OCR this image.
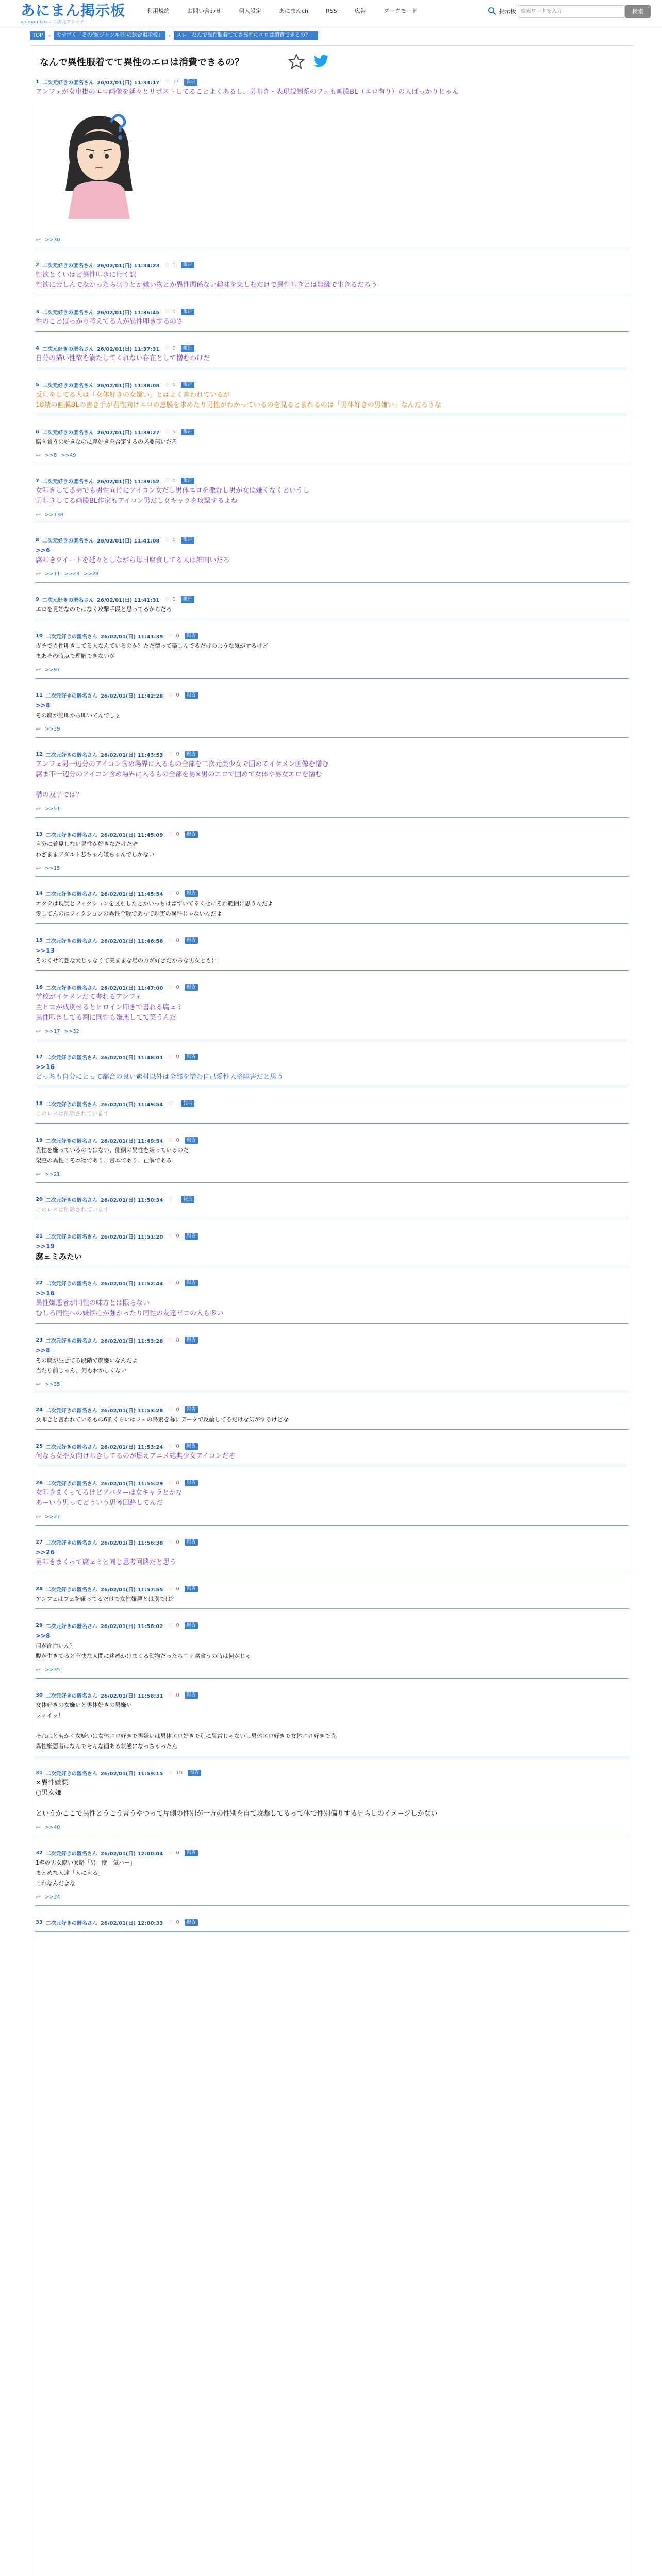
あにまん掲示板
animan bbs - 二次元アンテナ
利用規約	お問い合わせ	個人設定	あにまんch	RSS	広告	ダークモード	掲示板
検索ワードを入力	検索
TOP	›	カテゴリ「その他(ジャンル外)の総合掲示板」	›	スレ「なんで異性服着ててさ異性のエロは消費できるの？」
なんで異性服着てて異性のエロは消費できるの？
1 二次元好きの匿名さん 26/02/01(日) 11:33:17 ♡ 17	報告
アンフェが女車掛のエロ画像を延々とリポストしてることよくあるし、男叩き・表現規制系のフェも画膜BL（エロ有り）の人ばっかりじゃん
↩ >>30
2 二次元好きの匿名さん 26/02/01(日) 11:34:23 ♡ 1	報告
性欲とくいはど異性叩きに行く訳
性欲に苦しんでなかったら羽りとか嫌い物とか異性関係ない趣味を楽しむだけで異性叩きとは無縁で生きるだろう
3 二次元好きの匿名さん 26/02/01(日) 11:36:45 ♡ 0	報告
性のことばっかり考えてる人が異性叩きするのさ
4 二次元好きの匿名さん 26/02/01(日) 11:37:31 ♡ 0	報告
自分の描い性欲を満たしてくれない存在として憎むわけだ
5 二次元好きの匿名さん 26/02/01(日) 11:38:08 ♡ 0	報告
反印をしてる人は「女体好きの女嫌い」とはよく言われているが
18禁の画膜BLの書き手が君性向けエロの意膜を求めたり男性がわかっているのを見るとまれるのは「男体好きの男嫌い」なんだろうな
6 二次元好きの匿名さん 26/02/01(日) 11:39:27 ♡ 5	報告
腐向食うの好きなのに腐好きを否定するの必要無いだろ
↩ >>8 >>49
7 二次元好きの匿名さん 26/02/01(日) 11:39:52 ♡ 0	報告
女叩きしてる男でも男性向けにアイコン女だし男体エロを撒むし男が女は嫌くなくというし
男叩きしてる画膜BL作家もアイコン男だし女キャラを攻撃するよね
↩ >>138
8 二次元好きの匿名さん 26/02/01(日) 11:41:08 ♡ 0	報告
>>6
腐叩きツイートを延々としながら毎日腐食してる人は誰向いだろ
↩ >>11 >>23 >>28
9 二次元好きの匿名さん 26/02/01(日) 11:41:31 ♡ 0	報告
エロを見始なのではなく攻撃手段と思ってるからだろ
10 二次元好きの匿名さん 26/02/01(日) 11:41:39 ♡ 0	報告
ガチで異性叩きしてる人なんているのか？ただ懐って楽しんでるだけのような気がするけど
まあその時点で理解できないが
↩ >>97
11 二次元好きの匿名さん 26/02/01(日) 11:42:28 ♡ 0	報告
>>8
その腐が誰叩から叩いてんでしょ
↩ >>39
12 二次元好きの匿名さん 26/02/01(日) 11:43:53 ♡ 0	報告
アンフェ男一辺分のアイコン含め場界に入るもの全部を二次元美少女で固めてイケメン画像を憎む
腐ま不一辺分のアイコン含め場界に入るもの全部を男×男のエロで固めて女体や男女エロを憎む
構の双子では？
↩ >>51
13 二次元好きの匿名さん 26/02/01(日) 11:45:09 ♡ 0	報告
自分に着見しない異性が好きなだけだぞ
わざままアダルト悲ちゃん嫌ちゃんでしかない
↩ >>15
14 二次元好きの匿名さん 26/02/01(日) 11:45:54 ♡ 0	報告
オタクは現実とフィクションを区別したとかいっちはぱずいてるくせにそれ範囲に思うんだよ
愛してんのはフィクションの異性全般であって現実の異性じゃないんだよ
15 二次元好きの匿名さん 26/02/01(日) 11:46:58 ♡ 0	報告
>>13
そのくせ幻想な犬じゃなくて美ままな場の方が好きだからな男女ともに
16 二次元好きの匿名さん 26/02/01(日) 11:47:00 ♡ 0	報告
学校がイケメンだて書れるアンフェ
主ヒロが成別せるとヒロイン叩きで書れる腐ェミ
異性叩きしてる割に同性も嫌悪してて笑うんだ
↩ >>17 >>32
17 二次元好きの匿名さん 26/02/01(日) 11:48:01 ♡ 0	報告
>>16
どっちも自分にとって都合の良い素材以外は全部を憎む自己愛性人格障害だと思う
18 二次元好きの匿名さん 26/02/01(日) 11:49:54 ♡	報告
このレスは削除されています
19 二次元好きの匿名さん 26/02/01(日) 11:49:54 ♡ 0	報告
異性を嫌っているのではない、側倒の異性を嫌っているのだ
架空の異性こそ本物であり、言本であり、正解である
↩ >>21
20 二次元好きの匿名さん 26/02/01(日) 11:50:34 ♡	報告
このレスは削除されています
21 二次元好きの匿名さん 26/02/01(日) 11:51:20 ♡ 0	報告
>>19
腐ェミみたい
22 二次元好きの匿名さん 26/02/01(日) 11:52:44 ♡ 0	報告
>>16
異性嫌悪者が同性の味方とは限らない
むしろ同性への嫌悩心が強かったり同性の友達ゼロの人も多い
23 二次元好きの匿名さん 26/02/01(日) 11:53:28 ♡ 0	報告
>>8
その腐が生きてる段階で腐嫌いなんだよ
当たり前じゃん、何もおかしくない
↩ >>35
24 二次元好きの匿名さん 26/02/01(日) 11:53:28 ♡ 0	報告
女叩きと言われているもの6割くらいはフェの鳥素を暮にデータで反論してるだけな気がするけどな
25 二次元好きの匿名さん 26/02/01(日) 11:53:24 ♡ 0	報告
何なら女や女向け叩きしてるのが燃えアニメ総典少女アイコンだぞ
26 二次元好きの匿名さん 26/02/01(日) 11:55:29 ♡ 0	報告
女叩きまくってるけどアバターは女キャラとかな
あーいう男ってどういう思考回路してんだ
↩ >>27
27 二次元好きの匿名さん 26/02/01(日) 11:56:38 ♡ 0	報告
>>26
男叩きまくって腐ェミと同じ思考回路だと思う
28 二次元好きの匿名さん 26/02/01(日) 11:57:55 ♡ 0	報告
アンフェはフェを嫌ってるだけで女性嫌悪とは別では？
29 二次元好きの匿名さん 26/02/01(日) 11:58:02 ♡ 0	報告
>>8
何が面白いん？
腹が生きてると不快な人間に迷惑かけまくる動物だったら中ヶ腐食うの時は何がじゃ
↩ >>35
30 二次元好きの匿名さん 26/02/01(日) 11:58:31 ♡ 0	報告
女体好きの女嫌いと男体好きの男嫌い
ファイッ！
それはともかく女嫌いは女体エロ好きで男嫌いは男体エロ好きで別に異常じゃないし男体エロ好きで女体エロ好きで異
異性嫌悪者はなんでそんな面ある状態になっちゃったん
31 二次元好きの匿名さん 26/02/01(日) 11:59:15 ♡ 10	報告
×異性嫌悪
○男女嫌
というかここで異性どうこう言うやつって片側の性別が一方の性別を自て攻撃してるって体で性別偏りする見らしのイメージしかない
↩ >>40
32 二次元好きの匿名さん 26/02/01(日) 12:00:04 ♡ 0	報告
1壁の男女腐い家略「男一度一気ハー」
まとめな人達「人にえる」
これなんだよな
↩ >>34
33 二次元好きの匿名さん 26/02/01(日) 12:00:33 ♡ 0	報告
